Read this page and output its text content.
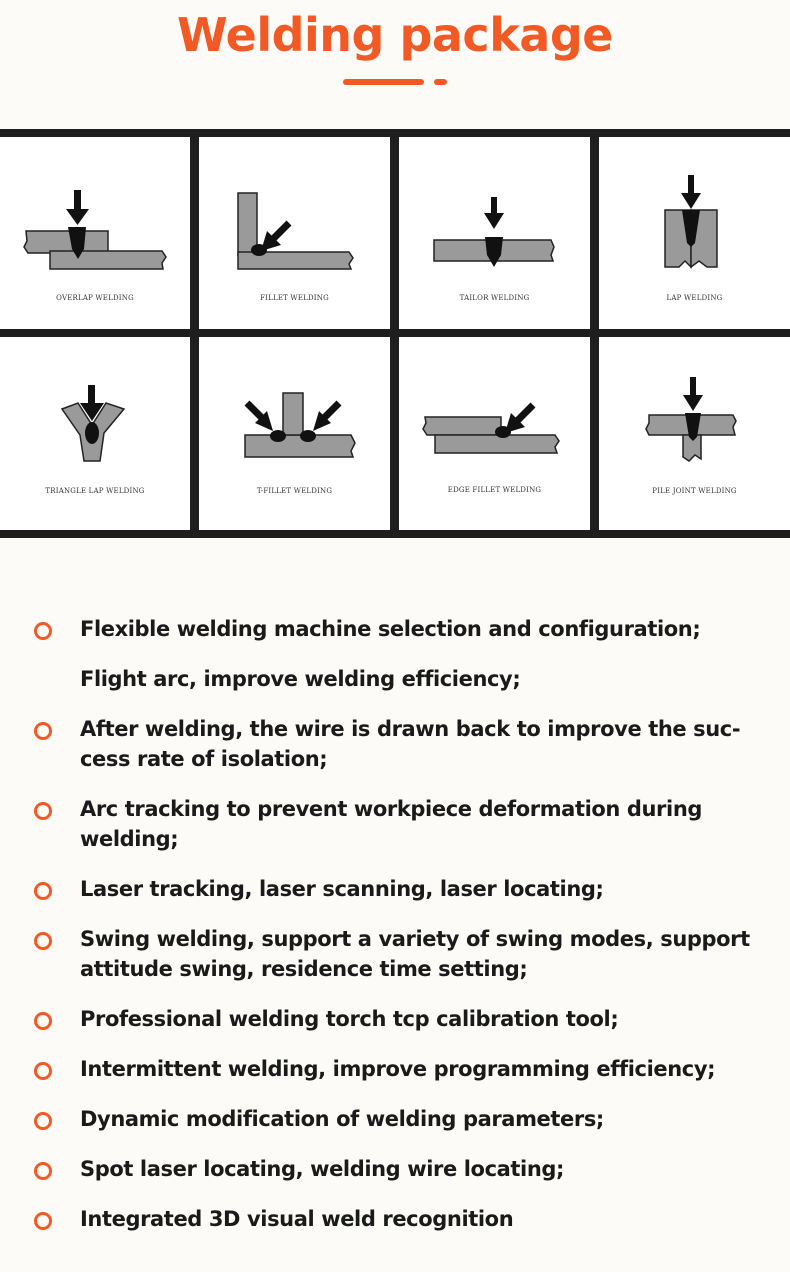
Welding package
OVERLAP WELDING	FILLET WELDING	TAILOR WELDING	LAP WELDING
TRIANGLE LAP WELDING	T-FILLET WELDING	EDGE FILLET WELDING	PILE JOINT WELDING
Flexible welding machine selection and configuration;
Flight arc, improve welding efficiency;
After welding, the wire is drawn back to improve the suc-cess rate of isolation;
Arc tracking to prevent workpiece deformation during welding;
Laser tracking, laser scanning, laser locating;
Swing welding, support a variety of swing modes, support attitude swing, residence time setting;
Professional welding torch tcp calibration tool;
Intermittent welding, improve programming efficiency;
Dynamic modification of welding parameters;
Spot laser locating, welding wire locating;
Integrated 3D visual weld recognition
